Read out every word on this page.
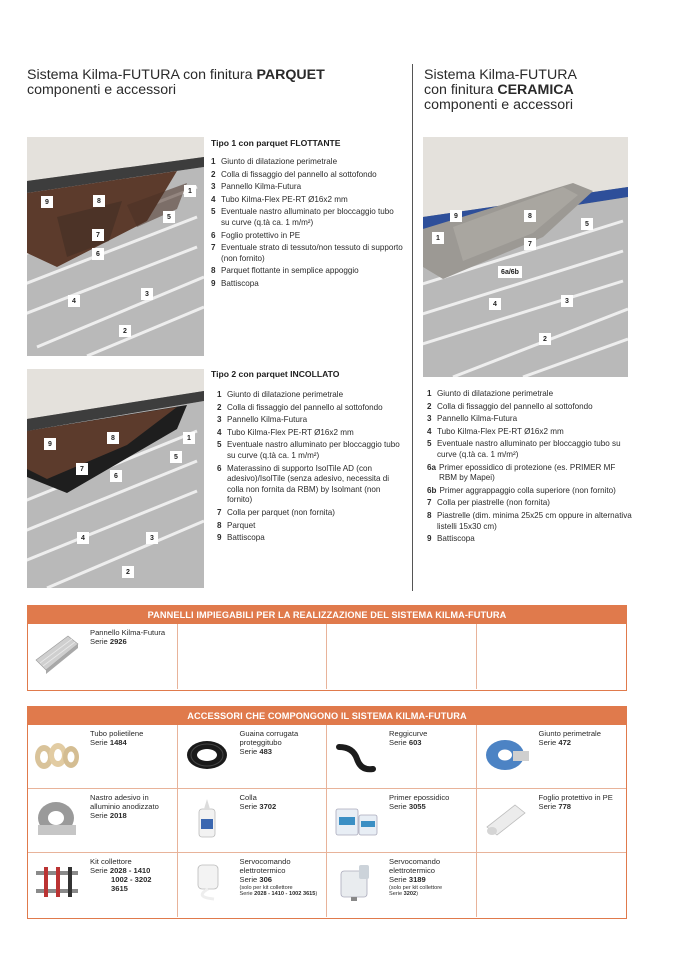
Sistema Kilma-FUTURA con finitura PARQUET
componenti e accessori
Sistema Kilma-FUTURA
con finitura CERAMICA
componenti e accessori
9	8
1
5
7
6
4
3
2
Tipo 1 con parquet FLOTTANTE
1 Giunto di dilatazione perimetrale
2 Colla di fissaggio del pannello al sottofondo
3 Pannello Kilma-Futura
4 Tubo Kilma-Flex PE-RT Ø16x2 mm
5 Eventuale nastro alluminato per bloccaggio tubo su curve (q.tà ca. 1 m/m²)
6 Foglio protettivo in PE
7 Eventuale strato di tessuto/non tessuto di supporto (non fornito)
8 Parquet flottante in semplice appoggio
9 Battiscopa
9
8	1
5
7
6
4	3
2
Tipo 2 con parquet INCOLLATO
1 Giunto di dilatazione perimetrale
2 Colla di fissaggio del pannello al sottofondo
3 Pannello Kilma-Futura
4 Tubo Kilma-Flex PE-RT Ø16x2 mm
5 Eventuale nastro alluminato per bloccaggio tubo su curve (q.tà ca. 1 m/m²)
6 Materassino di supporto IsolTile AD (con adesivo)/IsolTile (senza adesivo, necessita di colla non fornita da RBM) by Isolmant (non fornito)
7 Colla per parquet (non fornita)
8 Parquet
9 Battiscopa
9	8
5
1
7
6a/6b
4	3
2
1 Giunto di dilatazione perimetrale
2 Colla di fissaggio del pannello al sottofondo
3 Pannello Kilma-Futura
4 Tubo Kilma-Flex PE-RT Ø16x2 mm
5 Eventuale nastro alluminato per bloccaggio tubo su curve (q.tà ca. 1 m/m²)
6a Primer epossidico di protezione (es. PRIMER MF RBM by Mapei)
6b Primer aggrappaggio colla superiore (non fornito)
7 Colla per piastrelle (non fornita)
8 Piastrelle (dim. minima 25x25 cm oppure in alternativa listelli 15x30 cm)
9 Battiscopa
PANNELLI IMPIEGABILI PER LA REALIZZAZIONE DEL SISTEMA KILMA-FUTURA
Pannello Kilma-Futura
Serie 2926
ACCESSORI CHE COMPONGONO IL SISTEMA KILMA-FUTURA
Tubo polietilene
Serie 1484
Guaina corrugata proteggitubo
Serie 483
Reggicurve
Serie 603
Giunto perimetrale
Serie 472
Nastro adesivo in alluminio anodizzato
Serie 2018
Colla
Serie 3702
Primer epossidico
Serie 3055
Foglio protettivo in PE
Serie 778
Kit collettore
Serie 2028 - 1410
1002 - 3202
3615
Servocomando elettrotermico
Serie 306
(solo per kit collettore
Serie 2028 - 1410 - 1002 3615)
Servocomando elettrotermico
Serie 3189
(solo per kit collettore
Serie 3202)
